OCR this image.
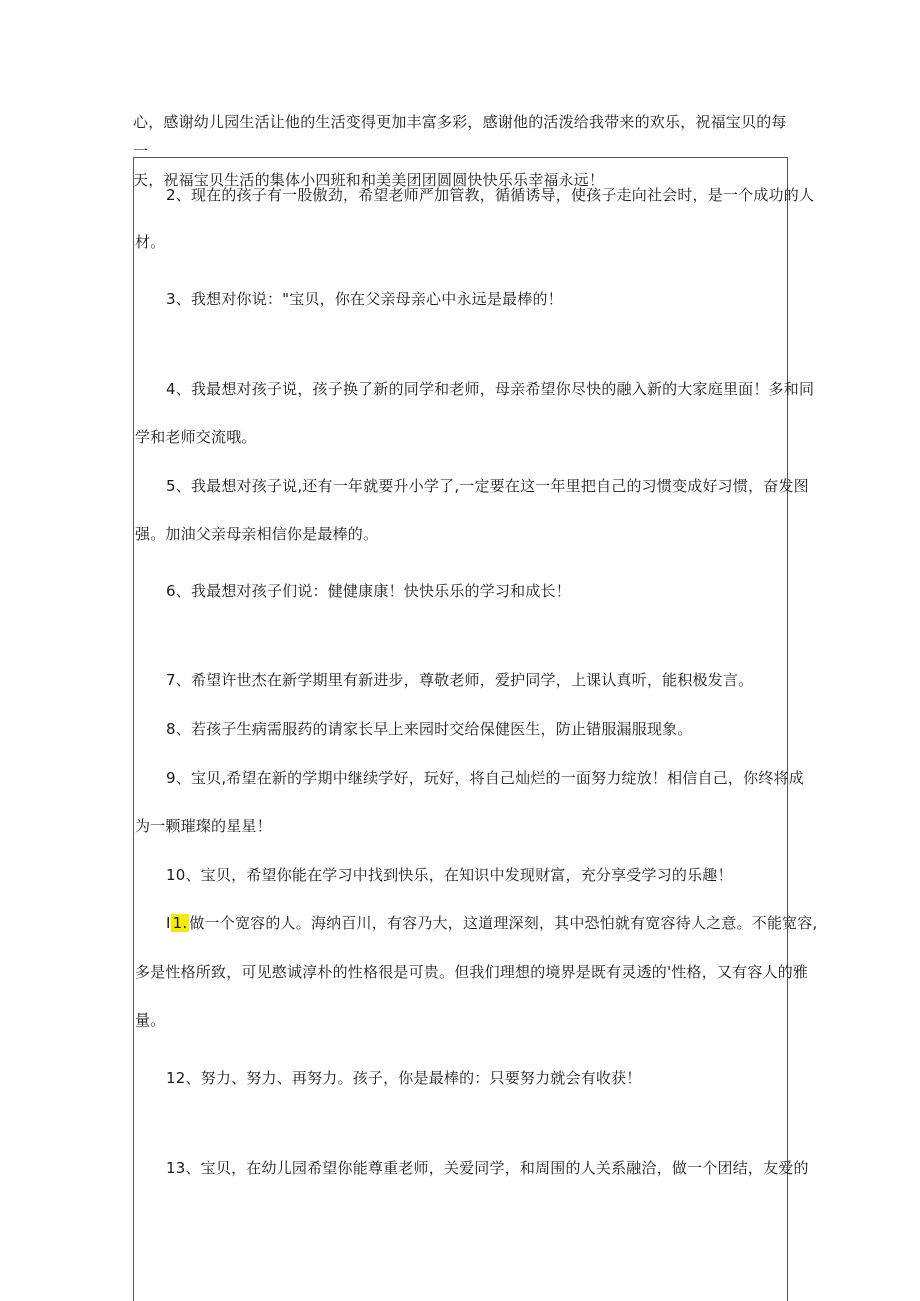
心，感谢幼儿园生活让他的生活变得更加丰富多彩，感谢他的活泼给我带来的欢乐，祝福宝贝的每一
天，祝福宝贝生活的集体小四班和和美美团团圆圆快快乐乐幸福永远！
2、现在的孩子有一股傲劲，希望老师严加管教，循循诱导，使孩子走向社会时，是一个成功的人
材。
3、我想对你说："宝贝，你在父亲母亲心中永远是最棒的！
4、我最想对孩子说，孩子换了新的同学和老师，母亲希望你尽快的融入新的大家庭里面！多和同
学和老师交流哦。
5、我最想对孩子说,还有一年就要升小学了,一定要在这一年里把自己的习惯变成好习惯，奋发图
强。加油父亲母亲相信你是最棒的。
6、我最想对孩子们说：健健康康！快快乐乐的学习和成长！
7、希望许世杰在新学期里有新进步，尊敬老师，爱护同学，上课认真听，能积极发言。
8、若孩子生病需服药的请家长早上来园时交给保健医生，防止错服漏服现象。
9、宝贝,希望在新的学期中继续学好，玩好，将自己灿烂的一面努力绽放！相信自己，你终将成
为一颗璀璨的星星！
10、宝贝，希望你能在学习中找到快乐，在知识中发现财富，充分享受学习的乐趣！
I 1. 做一个宽容的人。海纳百川，有容乃大，这道理深刻，其中恐怕就有宽容待人之意。不能宽容,
多是性格所致，可见憨诚淳朴的性格很是可贵。但我们理想的境界是既有灵透的'性格，又有容人的雅
量。
12、努力、努力、再努力。孩子，你是最棒的：只要努力就会有收获！
13、宝贝，在幼儿园希望你能尊重老师，关爱同学，和周围的人关系融洽，做一个团结，友爱的
